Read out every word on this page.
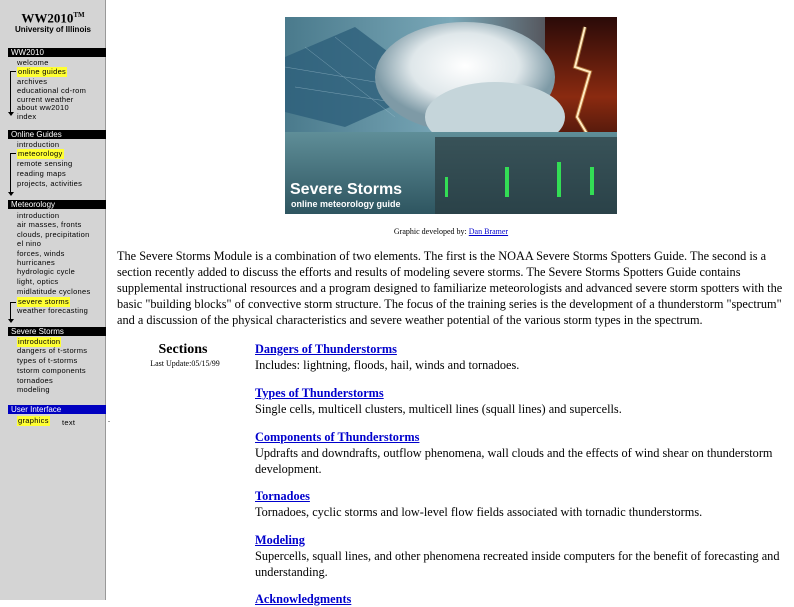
WW2010™
University of Illinois
WW2010
welcome
online guides
archives
educational cd-rom
current weather
about ww2010
index
Online Guides
introduction
meteorology
remote sensing
reading maps
projects, activities
Meteorology
introduction
air masses, fronts
clouds, precipitation
el nino
forces, winds
hurricanes
hydrologic cycle
light, optics
midlatitude cyclones
severe storms
weather forecasting
Severe Storms
introduction
dangers of t-storms
types of t-storms
tstorm components
tornadoes
modeling
User Interface
graphics text	.
Severe Storms
online meteorology guide
Graphic developed by: Dan Bramer
The Severe Storms Module is a combination of two elements. The first is the NOAA Severe Storms Spotters Guide. The second is a section recently added to discuss the efforts and results of modeling severe storms. The Severe Storms Spotters Guide contains supplemental instructional resources and a program designed to familiarize meteorologists and advanced severe storm spotters with the basic "building blocks" of convective storm structure. The focus of the training series is the development of a thunderstorm "spectrum" and a discussion of the physical characteristics and severe weather potential of the various storm types in the spectrum.
Sections
Last Update:05/15/99
Dangers of Thunderstorms
Includes: lightning, floods, hail, winds and tornadoes.
Types of Thunderstorms
Single cells, multicell clusters, multicell lines (squall lines) and supercells.
Components of Thunderstorms
Updrafts and downdrafts, outflow phenomena, wall clouds and the effects of wind shear on thunderstorm development.
Tornadoes
Tornadoes, cyclic storms and low-level flow fields associated with tornadic thunderstorms.
Modeling
Supercells, squall lines, and other phenomena recreated inside computers for the benefit of forecasting and understanding.
Acknowledgments
